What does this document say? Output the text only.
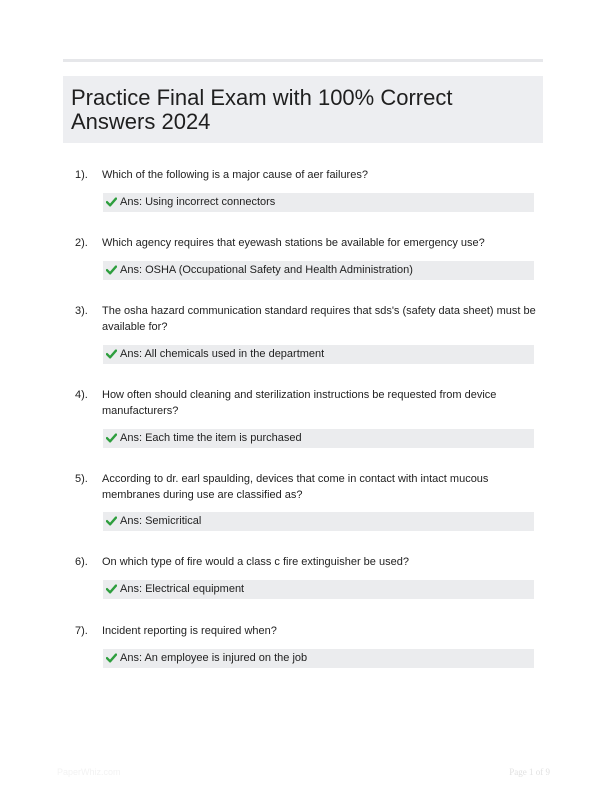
Practice Final Exam with 100% Correct Answers 2024
1). Which of the following is a major cause of aer failures?
Ans: Using incorrect connectors
2). Which agency requires that eyewash stations be available for emergency use?
Ans: OSHA (Occupational Safety and Health Administration)
3). The osha hazard communication standard requires that sds's (safety data sheet) must be available for?
Ans: All chemicals used in the department
4). How often should cleaning and sterilization instructions be requested from device manufacturers?
Ans: Each time the item is purchased
5). According to dr. earl spaulding, devices that come in contact with intact mucous membranes during use are classified as?
Ans: Semicritical
6). On which type of fire would a class c fire extinguisher be used?
Ans: Electrical equipment
7). Incident reporting is required when?
Ans: An employee is injured on the job
PaperWhiz.com	Page 1 of 9
